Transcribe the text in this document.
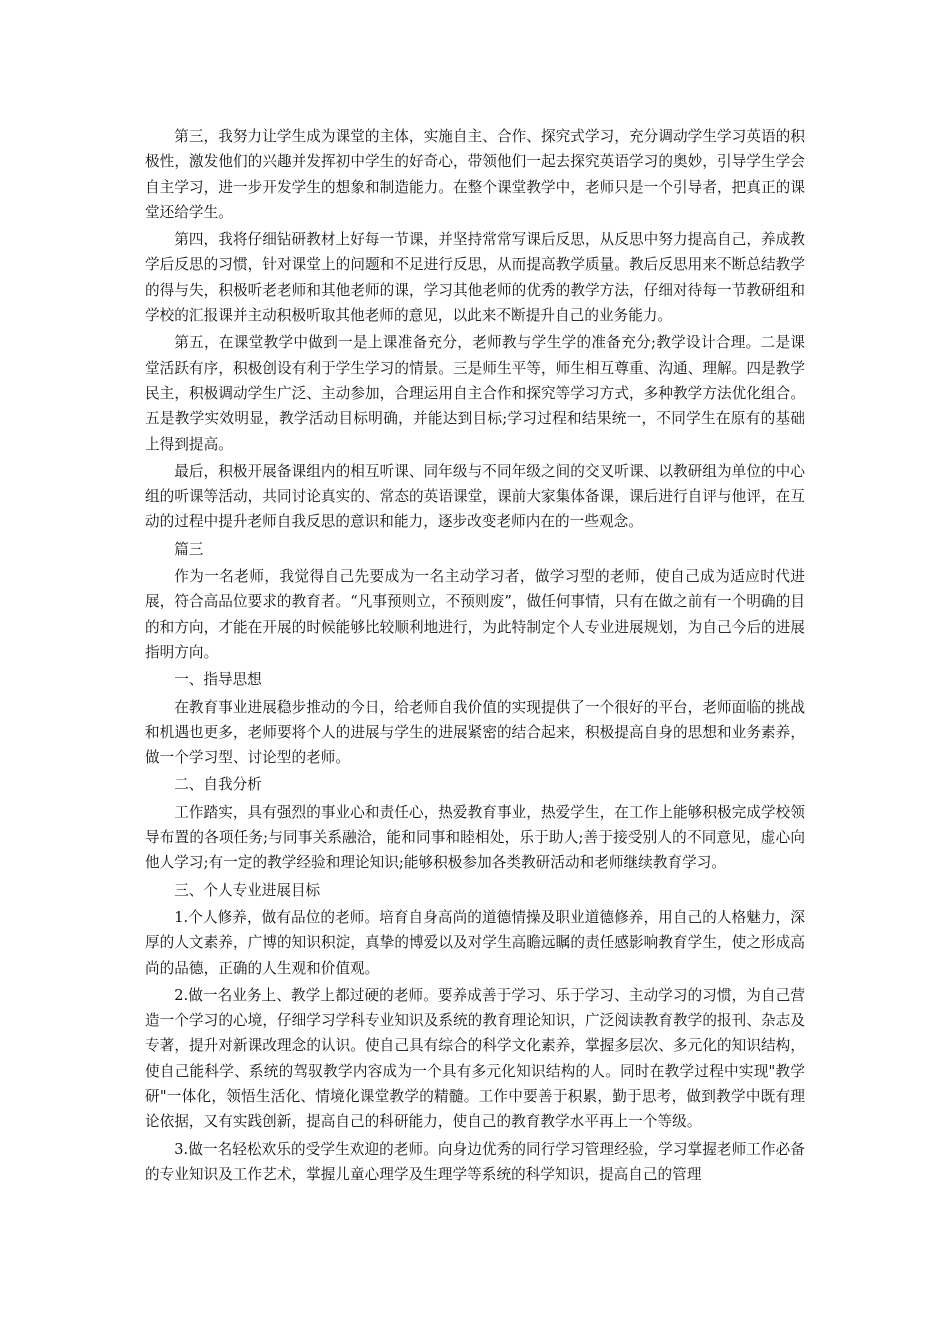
第三，我努力让学生成为课堂的主体，实施自主、合作、探究式学习，充分调动学生学习英语的积极性，激发他们的兴趣并发挥初中学生的好奇心，带领他们一起去探究英语学习的奥妙，引导学生学会自主学习，进一步开发学生的想象和制造能力。在整个课堂教学中，老师只是一个引导者，把真正的课堂还给学生。

第四，我将仔细钻研教材上好每一节课，并坚持常常写课后反思，从反思中努力提高自己，养成教学后反思的习惯，针对课堂上的问题和不足进行反思，从而提高教学质量。教后反思用来不断总结教学的得与失，积极听老老师和其他老师的课，学习其他老师的优秀的教学方法，仔细对待每一节教研组和学校的汇报课并主动积极听取其他老师的意见，以此来不断提升自己的业务能力。

第五，在课堂教学中做到一是上课准备充分，老师教与学生学的准备充分;教学设计合理。二是课堂活跃有序，积极创设有利于学生学习的情景。三是师生平等，师生相互尊重、沟通、理解。四是教学民主，积极调动学生广泛、主动参加，合理运用自主合作和探究等学习方式，多种教学方法优化组合。五是教学实效明显，教学活动目标明确，并能达到目标;学习过程和结果统一，不同学生在原有的基础上得到提高。

最后，积极开展备课组内的相互听课、同年级与不同年级之间的交叉听课、以教研组为单位的中心组的听课等活动，共同讨论真实的、常态的英语课堂，课前大家集体备课，课后进行自评与他评，在互动的过程中提升老师自我反思的意识和能力，逐步改变老师内在的一些观念。

篇三

作为一名老师，我觉得自己先要成为一名主动学习者，做学习型的老师，使自己成为适应时代进展，符合高品位要求的教育者。“凡事预则立，不预则废”，做任何事情，只有在做之前有一个明确的目的和方向，才能在开展的时候能够比较顺利地进行，为此特制定个人专业进展规划，为自己今后的进展指明方向。

一、指导思想

在教育事业进展稳步推动的今日，给老师自我价值的实现提供了一个很好的平台，老师面临的挑战和机遇也更多，老师要将个人的进展与学生的进展紧密的结合起来，积极提高自身的思想和业务素养，做一个学习型、讨论型的老师。

二、自我分析

工作踏实，具有强烈的事业心和责任心，热爱教育事业，热爱学生，在工作上能够积极完成学校领导布置的各项任务;与同事关系融洽，能和同事和睦相处，乐于助人;善于接受别人的不同意见，虚心向他人学习;有一定的教学经验和理论知识;能够积极参加各类教研活动和老师继续教育学习。

三、个人专业进展目标

1.个人修养，做有品位的老师。培育自身高尚的道德情操及职业道德修养，用自己的人格魅力，深厚的人文素养，广博的知识积淀，真挚的博爱以及对学生高瞻远瞩的责任感影响教育学生，使之形成高尚的品德，正确的人生观和价值观。

2.做一名业务上、教学上都过硬的老师。要养成善于学习、乐于学习、主动学习的习惯，为自己营造一个学习的心境，仔细学习学科专业知识及系统的教育理论知识，广泛阅读教育教学的报刊、杂志及专著，提升对新课改理念的认识。使自己具有综合的科学文化素养，掌握多层次、多元化的知识结构，使自己能科学、系统的驾驭教学内容成为一个具有多元化知识结构的人。同时在教学过程中实现"教学研"一体化，领悟生活化、情境化课堂教学的精髓。工作中要善于积累，勤于思考，做到教学中既有理论依据，又有实践创新，提高自己的科研能力，使自己的教育教学水平再上一个等级。

3.做一名轻松欢乐的受学生欢迎的老师。向身边优秀的同行学习管理经验，学习掌握老师工作必备的专业知识及工作艺术，掌握儿童心理学及生理学等系统的科学知识，提高自己的管理
